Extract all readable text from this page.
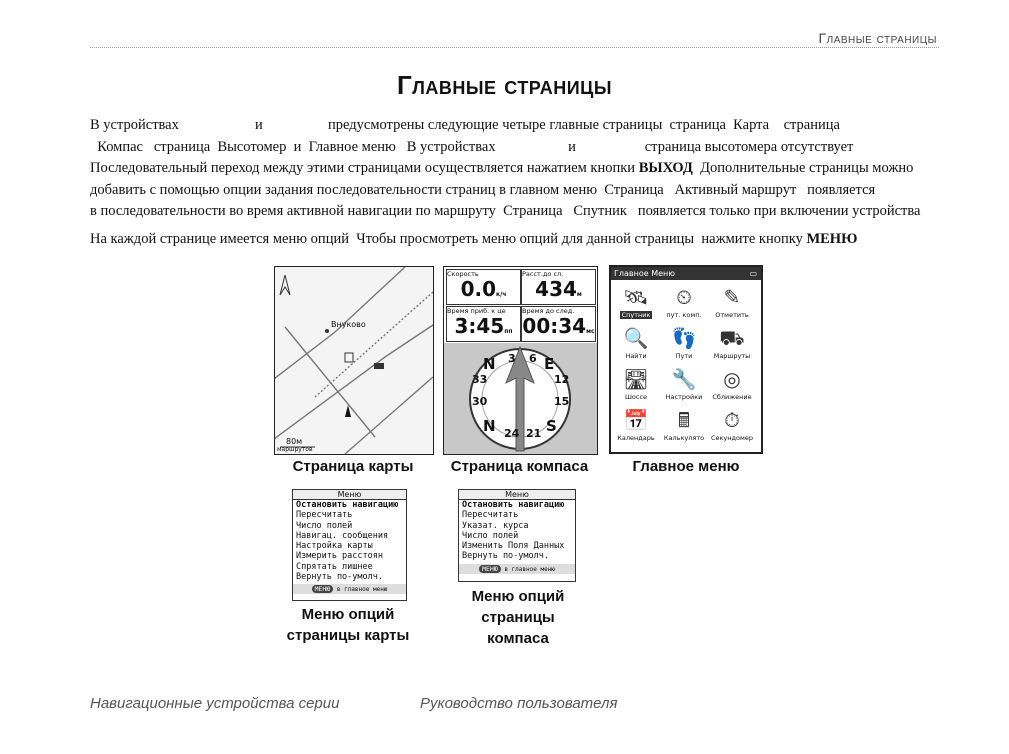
Главные страницы
Главные страницы
В устройствах                     и                  предусмотрены следующие четыре главные страницы  страница  Карта    страница
Компас   страница  Высотомер  и  Главное меню   В устройствах                    и                   страница высотомера отсутствует
Последовательный переход между этими страницами осуществляется нажатием кнопки ВЫХОД  Дополнительные страницы можно
добавить с помощью опции задания последовательности страниц в главном меню  Страница   Активный маршрут   появляется
в последовательности во время активной навигации по маршруту  Страница   Спутник   появляется только при включении устройства
На каждой странице имеется меню опций  Чтобы просмотреть меню опций для данной страницы  нажмите кнопку МЕНЮ
Внуково
80м
маршрутов
Страница карты
Скорость
0.0к/ч
Расст.до сл.
434м
Время приб. к це
3:45пп
Время до след.
00:34мс
N 3 6 E
33	12
30	15
N 24 21 S
Страница компаса
Главное Меню	▭
🛰
Спутник
⏲
пут. комп.
✎
Отметить
🔍
Найти
👣
Пути
⛟
Маршруты
🛣
Шоссе
🔧
Настройки
◎
Сближение
📅
Календарь
🖩
Калькулято
⏱
Секундомер
Главное меню
Меню
Остановить навигацию
Пересчитать
Число полей
Навигац. сообщения
Настройка карты
Измерить расстоян
Спрятать лишнее
Вернуть по-умолч.
МЕНЮ в главное меню
Меню опций
страницы карты
Меню
Остановить навигацию
Пересчитать
Указат. курса
Число полей
Изменить Поля Данных
Вернуть по-умолч.
МЕНЮ в главное меню
Меню опций
страницы
компаса
Навигационные устройства серии	Руководство пользователя
